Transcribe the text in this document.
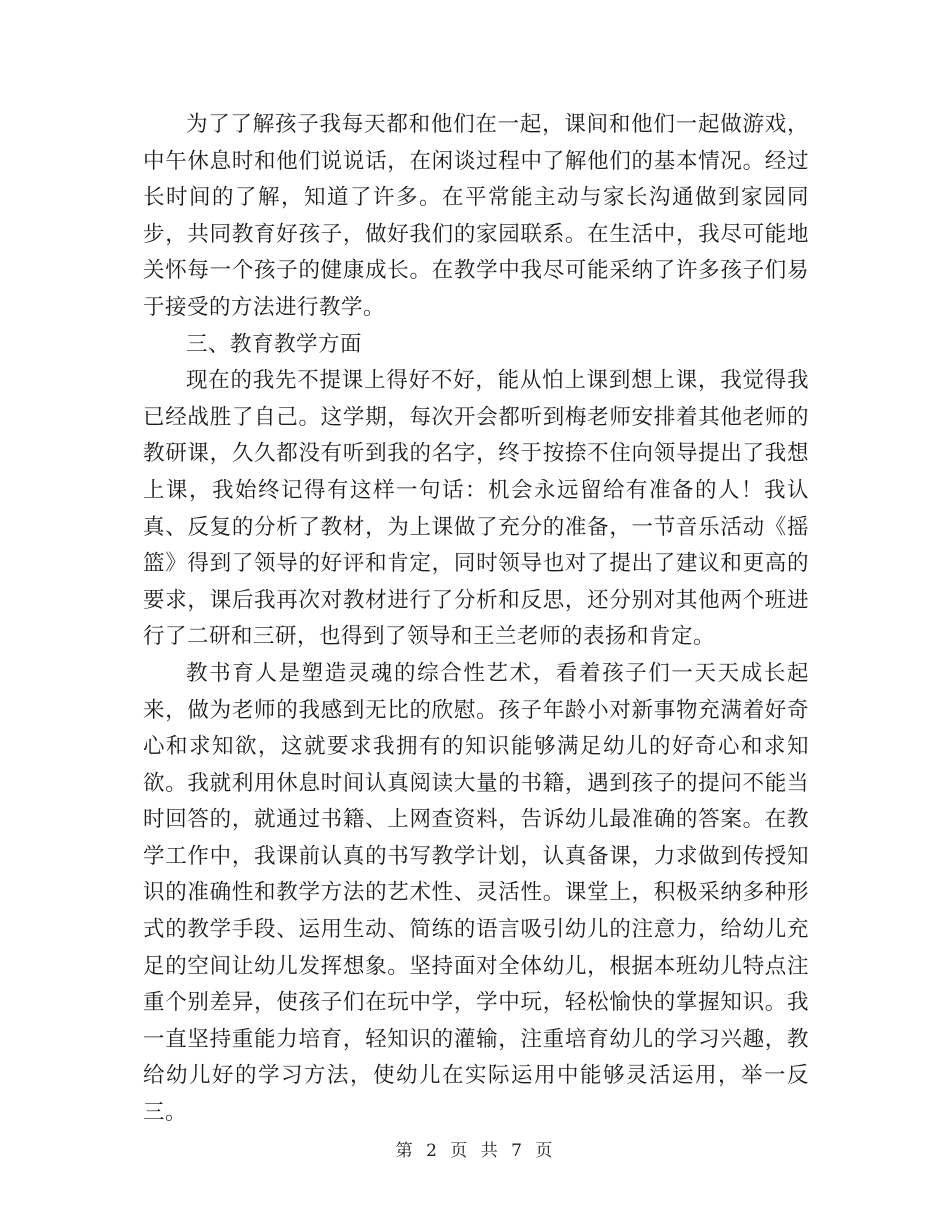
为了了解孩子我每天都和他们在一起，课间和他们一起做游戏，中午休息时和他们说说话，在闲谈过程中了解他们的基本情况。经过长时间的了解，知道了许多。在平常能主动与家长沟通做到家园同步，共同教育好孩子，做好我们的家园联系。在生活中，我尽可能地关怀每一个孩子的健康成长。在教学中我尽可能采纳了许多孩子们易于接受的方法进行教学。

三、教育教学方面

现在的我先不提课上得好不好，能从怕上课到想上课，我觉得我已经战胜了自己。这学期，每次开会都听到梅老师安排着其他老师的教研课，久久都没有听到我的名字，终于按捺不住向领导提出了我想上课，我始终记得有这样一句话：机会永远留给有准备的人！我认真、反复的分析了教材，为上课做了充分的准备，一节音乐活动《摇篮》得到了领导的好评和肯定，同时领导也对了提出了建议和更高的要求，课后我再次对教材进行了分析和反思，还分别对其他两个班进行了二研和三研，也得到了领导和王兰老师的表扬和肯定。

教书育人是塑造灵魂的综合性艺术，看着孩子们一天天成长起来，做为老师的我感到无比的欣慰。孩子年龄小对新事物充满着好奇心和求知欲，这就要求我拥有的知识能够满足幼儿的好奇心和求知欲。我就利用休息时间认真阅读大量的书籍，遇到孩子的提问不能当时回答的，就通过书籍、上网查资料，告诉幼儿最准确的答案。在教学工作中，我课前认真的书写教学计划，认真备课，力求做到传授知识的准确性和教学方法的艺术性、灵活性。课堂上，积极采纳多种形式的教学手段、运用生动、简练的语言吸引幼儿的注意力，给幼儿充足的空间让幼儿发挥想象。坚持面对全体幼儿，根据本班幼儿特点注重个别差异，使孩子们在玩中学，学中玩，轻松愉快的掌握知识。我一直坚持重能力培育，轻知识的灌输，注重培育幼儿的学习兴趣，教给幼儿好的学习方法，使幼儿在实际运用中能够灵活运用，举一反三。

第 2 页 共 7 页
